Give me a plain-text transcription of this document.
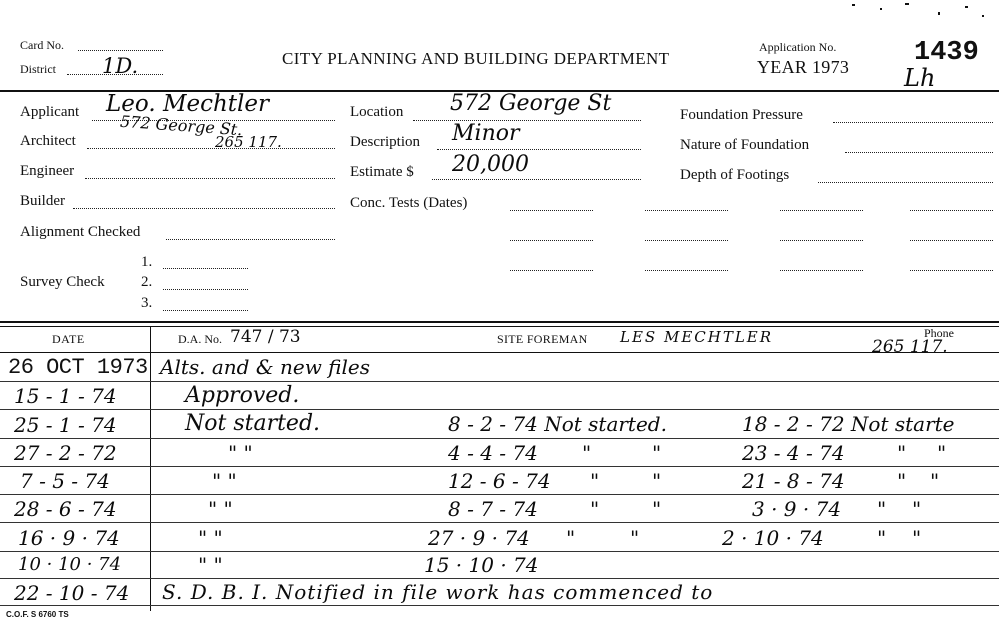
Card No.
District 1D.	CITY PLANNING AND BUILDING DEPARTMENT
Application No.
YEAR 1973 1439
Lh
Applicant Leo. Mechtler
Architect
572 George St.
265 117.
Engineer
Builder
Alignment Checked
Survey Check
1.
2.
3.
Location 572 George St
Description Minor
Estimate $ 20,000
Conc. Tests (Dates)
Foundation Pressure
Nature of Foundation
Depth of Footings
DATE	D.A. No. 747 / 73	SITE FOREMAN LES MECHTLER	Phone
265 117.
26 OCT 1973 Alts. and & new files
15 - 1 - 74	Approved.
25 - 1 - 74	Not started.	8 - 2 - 74 Not started.	18 - 2 - 72 Not starte
27 - 2 - 72	" "	4 - 4 - 74 "	"	23 - 4 - 74	" "
7 - 5 - 74	" "	12 - 6 - 74 "	"	21 - 8 - 74	" "
28 - 6 - 74	" "	8 - 7 - 74	"	"	3 · 9 · 74 " "
16 · 9 · 74	" "	27 · 9 · 74 "	"	2 · 10 · 74	" "
10 · 10 · 74	" "	15 · 10 · 74
22 - 10 - 74 S. D. B. I. Notified in file work has commenced to
C.O.F. S 6760 TS
